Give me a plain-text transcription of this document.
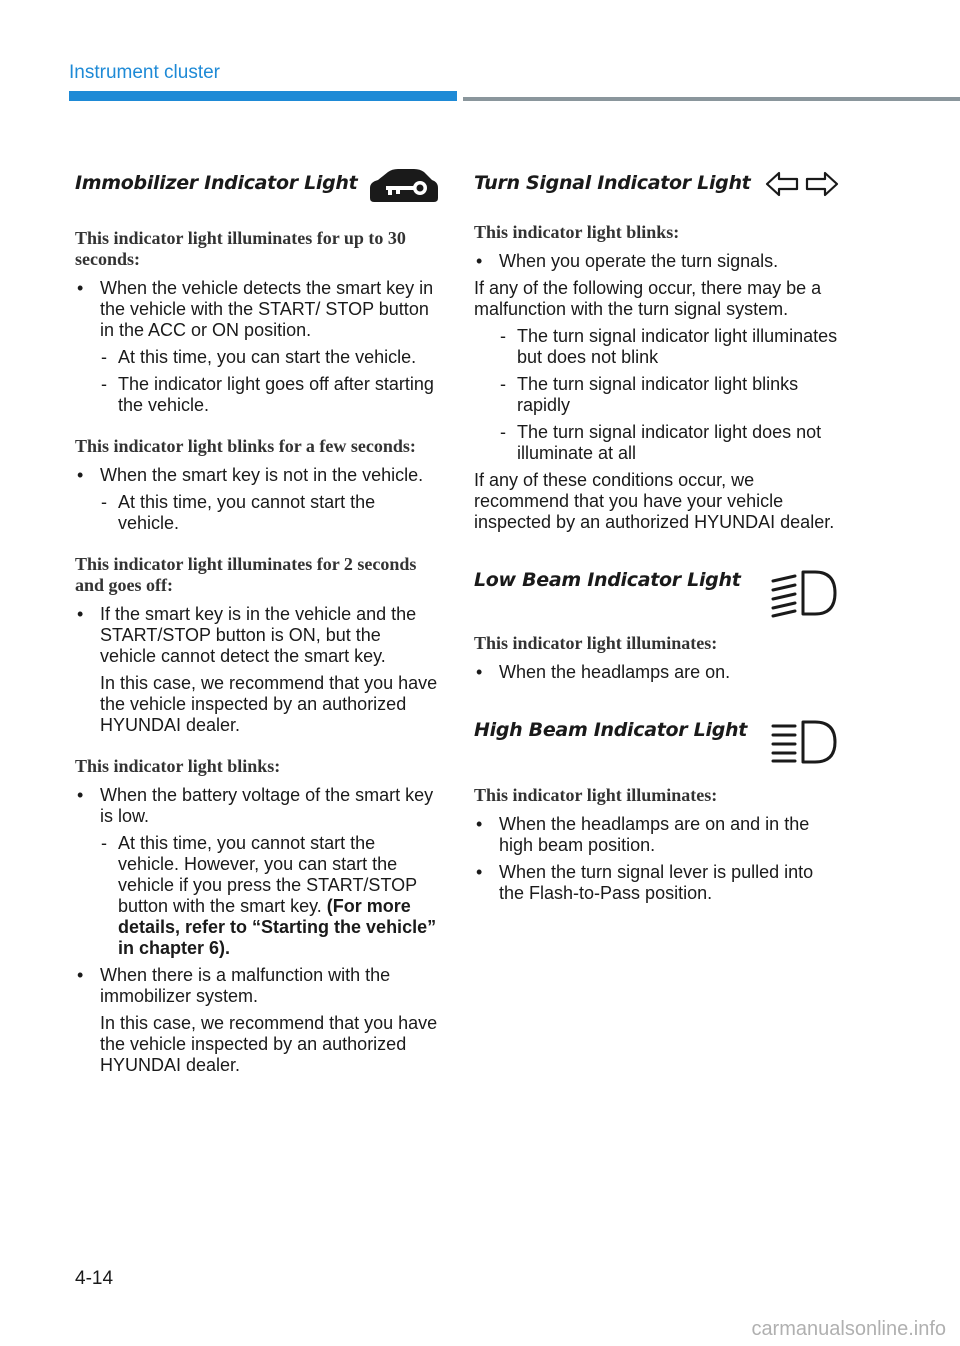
Instrument cluster
Immobilizer Indicator Light
This indicator light illuminates for up to 30 seconds:
• When the vehicle detects the smart key in the vehicle with the START/ STOP button in the ACC or ON position.
- At this time, you can start the vehicle.
- The indicator light goes off after starting the vehicle.
This indicator light blinks for a few seconds:
• When the smart key is not in the vehicle.
- At this time, you cannot start the vehicle.
This indicator light illuminates for 2 seconds and goes off:
• If the smart key is in the vehicle and the START/STOP button is ON, but the vehicle cannot detect the smart key.
In this case, we recommend that you have the vehicle inspected by an authorized HYUNDAI dealer.
This indicator light blinks:
• When the battery voltage of the smart key is low.
- At this time, you cannot start the vehicle. However, you can start the vehicle if you press the START/STOP button with the smart key. (For more details, refer to “Starting the vehicle” in chapter 6).
• When there is a malfunction with the immobilizer system.
In this case, we recommend that you have the vehicle inspected by an authorized HYUNDAI dealer.
Turn Signal Indicator Light
This indicator light blinks:
• When you operate the turn signals.
If any of the following occur, there may be a malfunction with the turn signal system.
- The turn signal indicator light illuminates but does not blink
- The turn signal indicator light blinks rapidly
- The turn signal indicator light does not illuminate at all
If any of these conditions occur, we recommend that you have your vehicle inspected by an authorized HYUNDAI dealer.
Low Beam Indicator Light
This indicator light illuminates:
• When the headlamps are on.
High Beam Indicator Light
This indicator light illuminates:
• When the headlamps are on and in the high beam position.
• When the turn signal lever is pulled into the Flash-to-Pass position.
4-14
carmanualsonline.info
